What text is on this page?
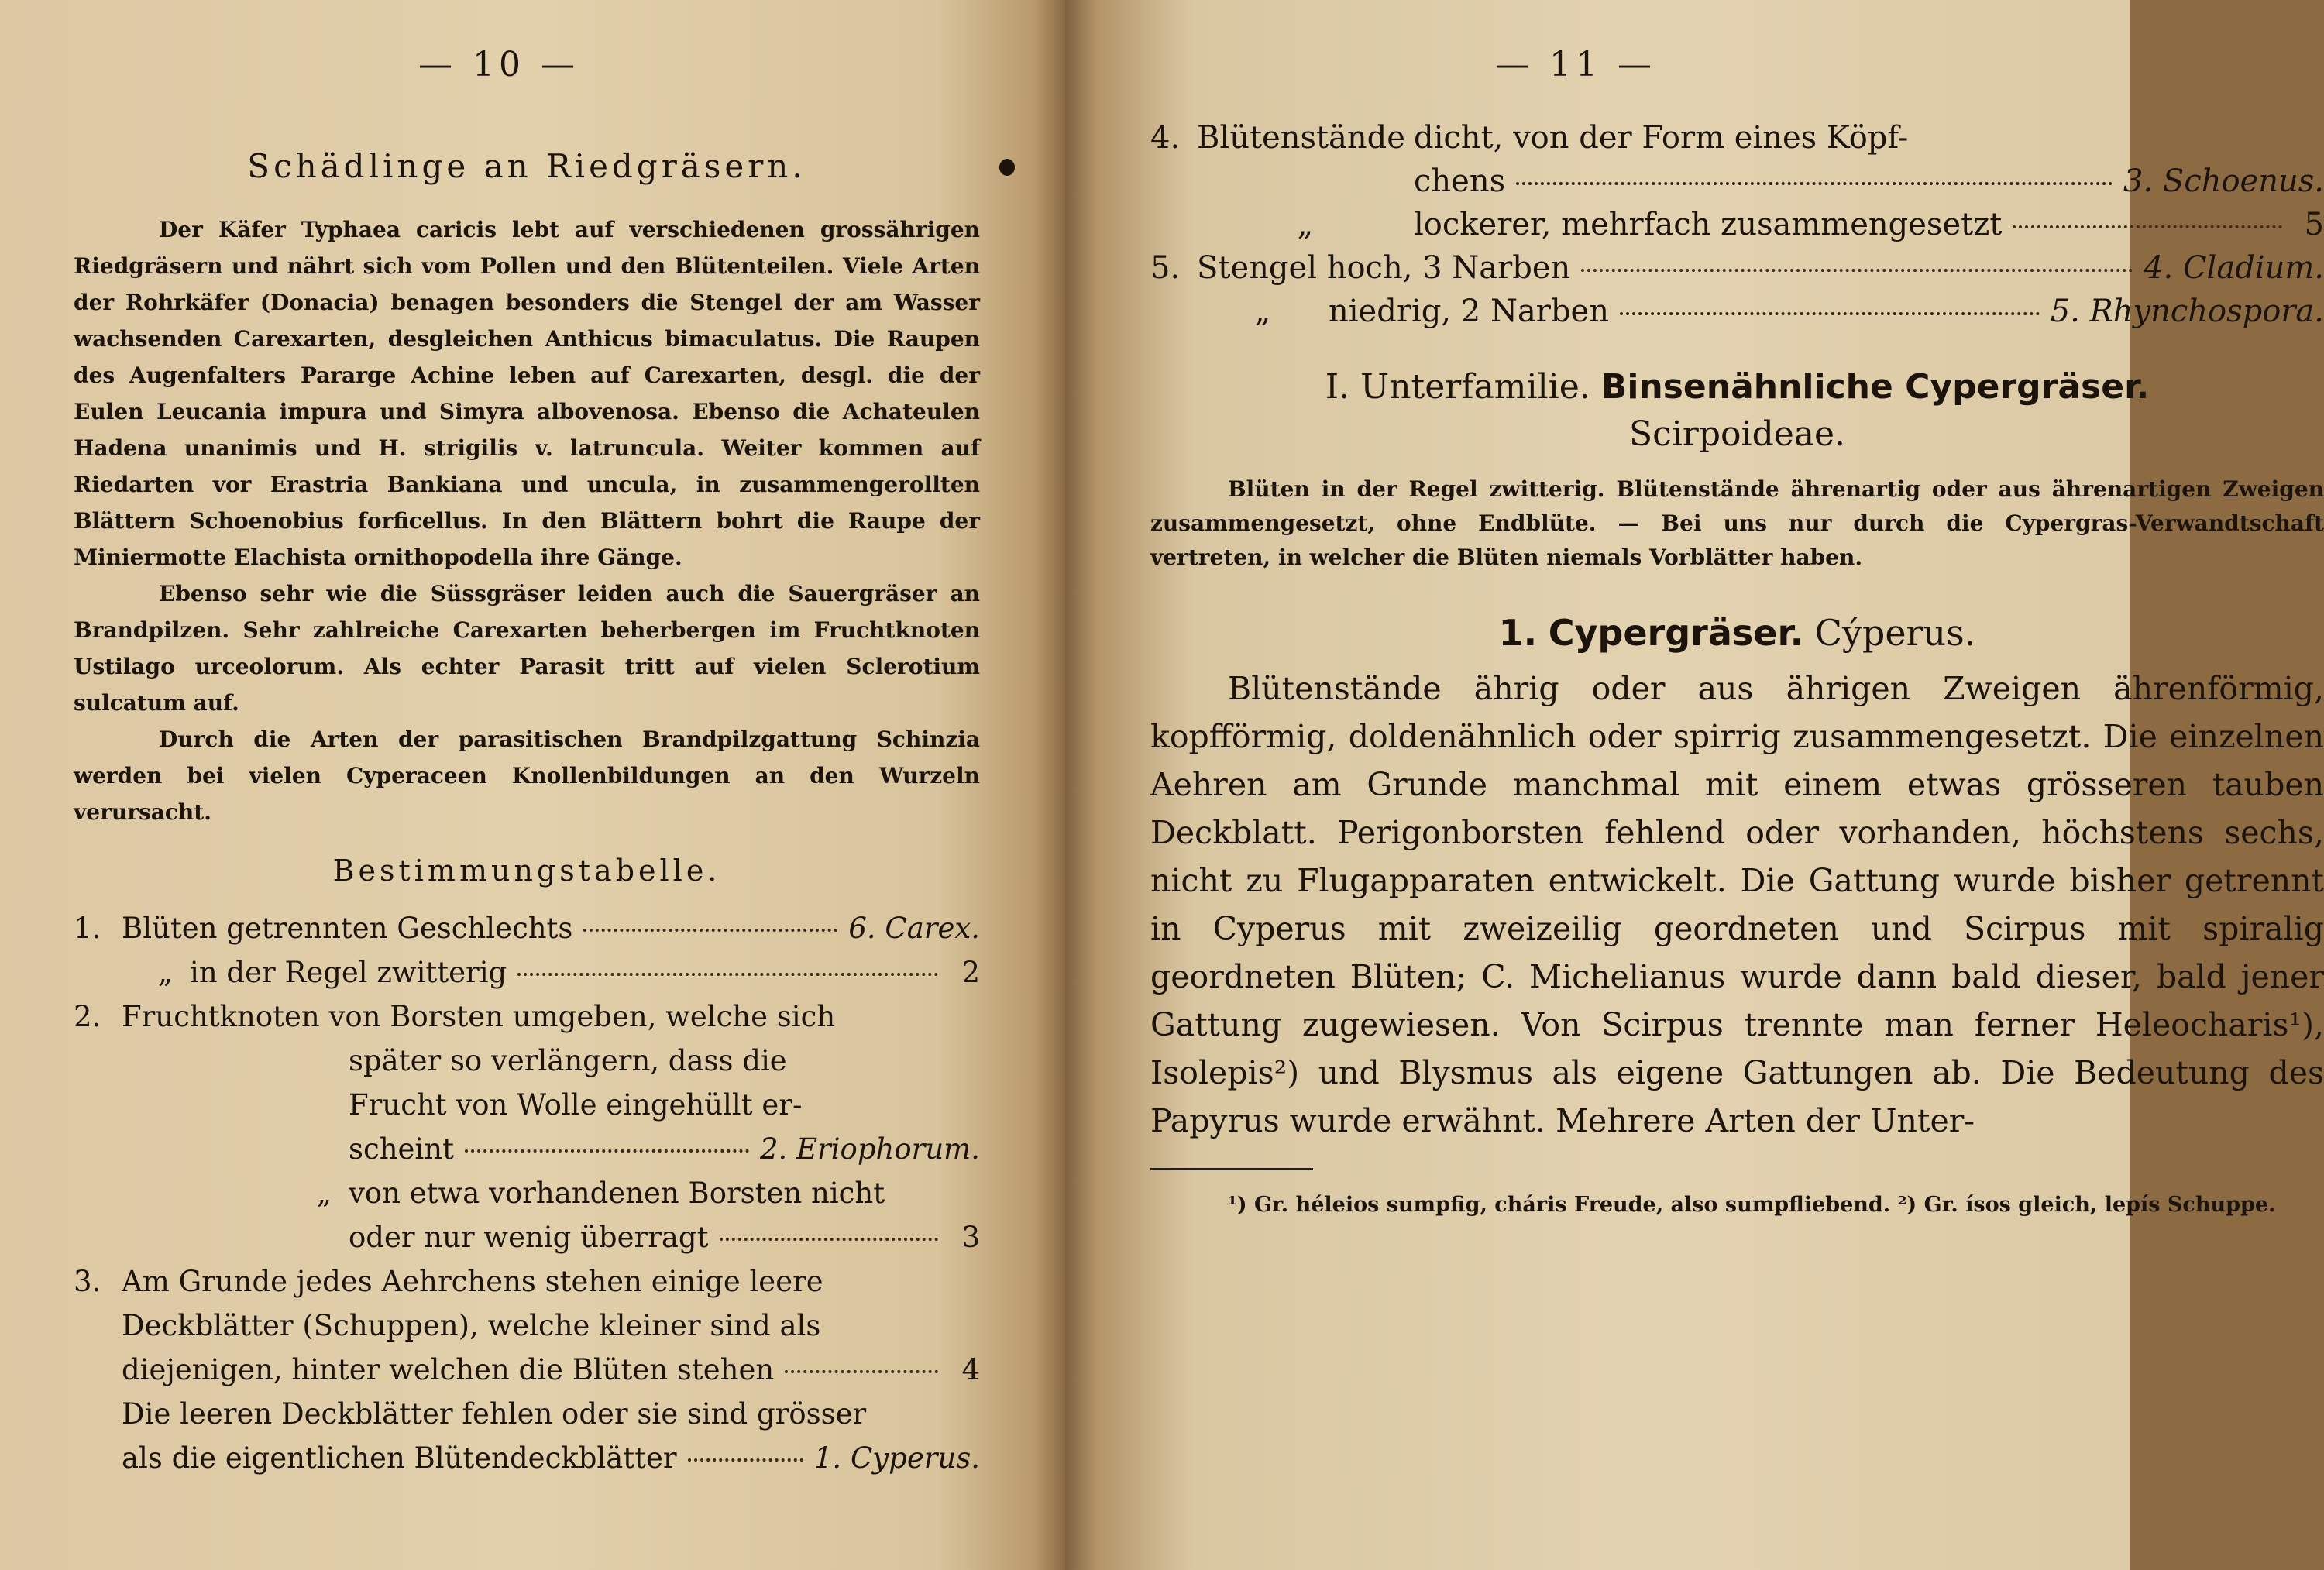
— 10 —
Schädlinge an Riedgräsern.

Der Käfer Typhaea caricis lebt auf verschiedenen grossährigen Riedgräsern und nährt sich vom Pollen und den Blütenteilen. Viele Arten der Rohrkäfer (Donacia) benagen besonders die Stengel der am Wasser wachsenden Carexarten, desgleichen Anthicus bimaculatus. Die Raupen des Augenfalters Pararge Achine leben auf Carexarten, desgl. die der Eulen Leucania impura und Simyra albovenosa. Ebenso die Achateulen Hadena unanimis und H. strigilis v. latruncula. Weiter kommen auf Riedarten vor Erastria Bankiana und uncula, in zusammengerollten Blättern Schoenobius forficellus. In den Blättern bohrt die Raupe der Miniermotte Elachista ornithopodella ihre Gänge.

Ebenso sehr wie die Süssgräser leiden auch die Sauergräser an Brandpilzen. Sehr zahlreiche Carexarten beherbergen im Fruchtknoten Ustilago urceolorum. Als echter Parasit tritt auf vielen Sclerotium sulcatum auf.

Durch die Arten der parasitischen Brandpilzgattung Schinzia werden bei vielen Cyperaceen Knollenbildungen an den Wurzeln verursacht.

Bestimmungstabelle.
1. Blüten getrennten Geschlechts	6. Carex.
„ in der Regel zwitterig	2
2. Fruchtknoten von Borsten umgeben, welche sich
später so verlängern, dass die
Frucht von Wolle eingehüllt er-
scheint	2. Eriophorum.
„ von etwa vorhandenen Borsten nicht
oder nur wenig überragt	3
3. Am Grunde jedes Aehrchens stehen einige leere
Deckblätter (Schuppen), welche kleiner sind als
diejenigen, hinter welchen die Blüten stehen	4
Die leeren Deckblätter fehlen oder sie sind grösser
als die eigentlichen Blütendeckblätter	1. Cyperus.
— 11 —
4. Blütenstände dicht, von der Form eines Köpf-
chens	3. Schoenus.
„	lockerer, mehrfach zusammengesetzt	5
5. Stengel hoch, 3 Narben	4. Cladium.
„	niedrig, 2 Narben	5. Rhynchospora.
I. Unterfamilie. Binsenähnliche Cypergräser.
Scirpoideae.

Blüten in der Regel zwitterig. Blütenstände ährenartig oder aus ährenartigen Zweigen zusammengesetzt, ohne Endblüte. — Bei uns nur durch die Cypergras-Verwandtschaft vertreten, in welcher die Blüten niemals Vorblätter haben.

1. Cypergräser. Cýperus.

Blütenstände ährig oder aus ährigen Zweigen ährenförmig, kopfförmig, doldenähnlich oder spirrig zusammengesetzt. Die einzelnen Aehren am Grunde manchmal mit einem etwas grösseren tauben Deckblatt. Perigonborsten fehlend oder vorhanden, höchstens sechs, nicht zu Flugapparaten entwickelt. Die Gattung wurde bisher getrennt in Cyperus mit zweizeilig geordneten und Scirpus mit spiralig geordneten Blüten; C. Michelianus wurde dann bald dieser, bald jener Gattung zugewiesen. Von Scirpus trennte man ferner Heleocharis¹), Isolepis²) und Blysmus als eigene Gattungen ab. Die Bedeutung des Papyrus wurde erwähnt. Mehrere Arten der Unter-

¹) Gr. héleios sumpfig, cháris Freude, also sumpfliebend. ²) Gr. ísos gleich, lepís Schuppe.
